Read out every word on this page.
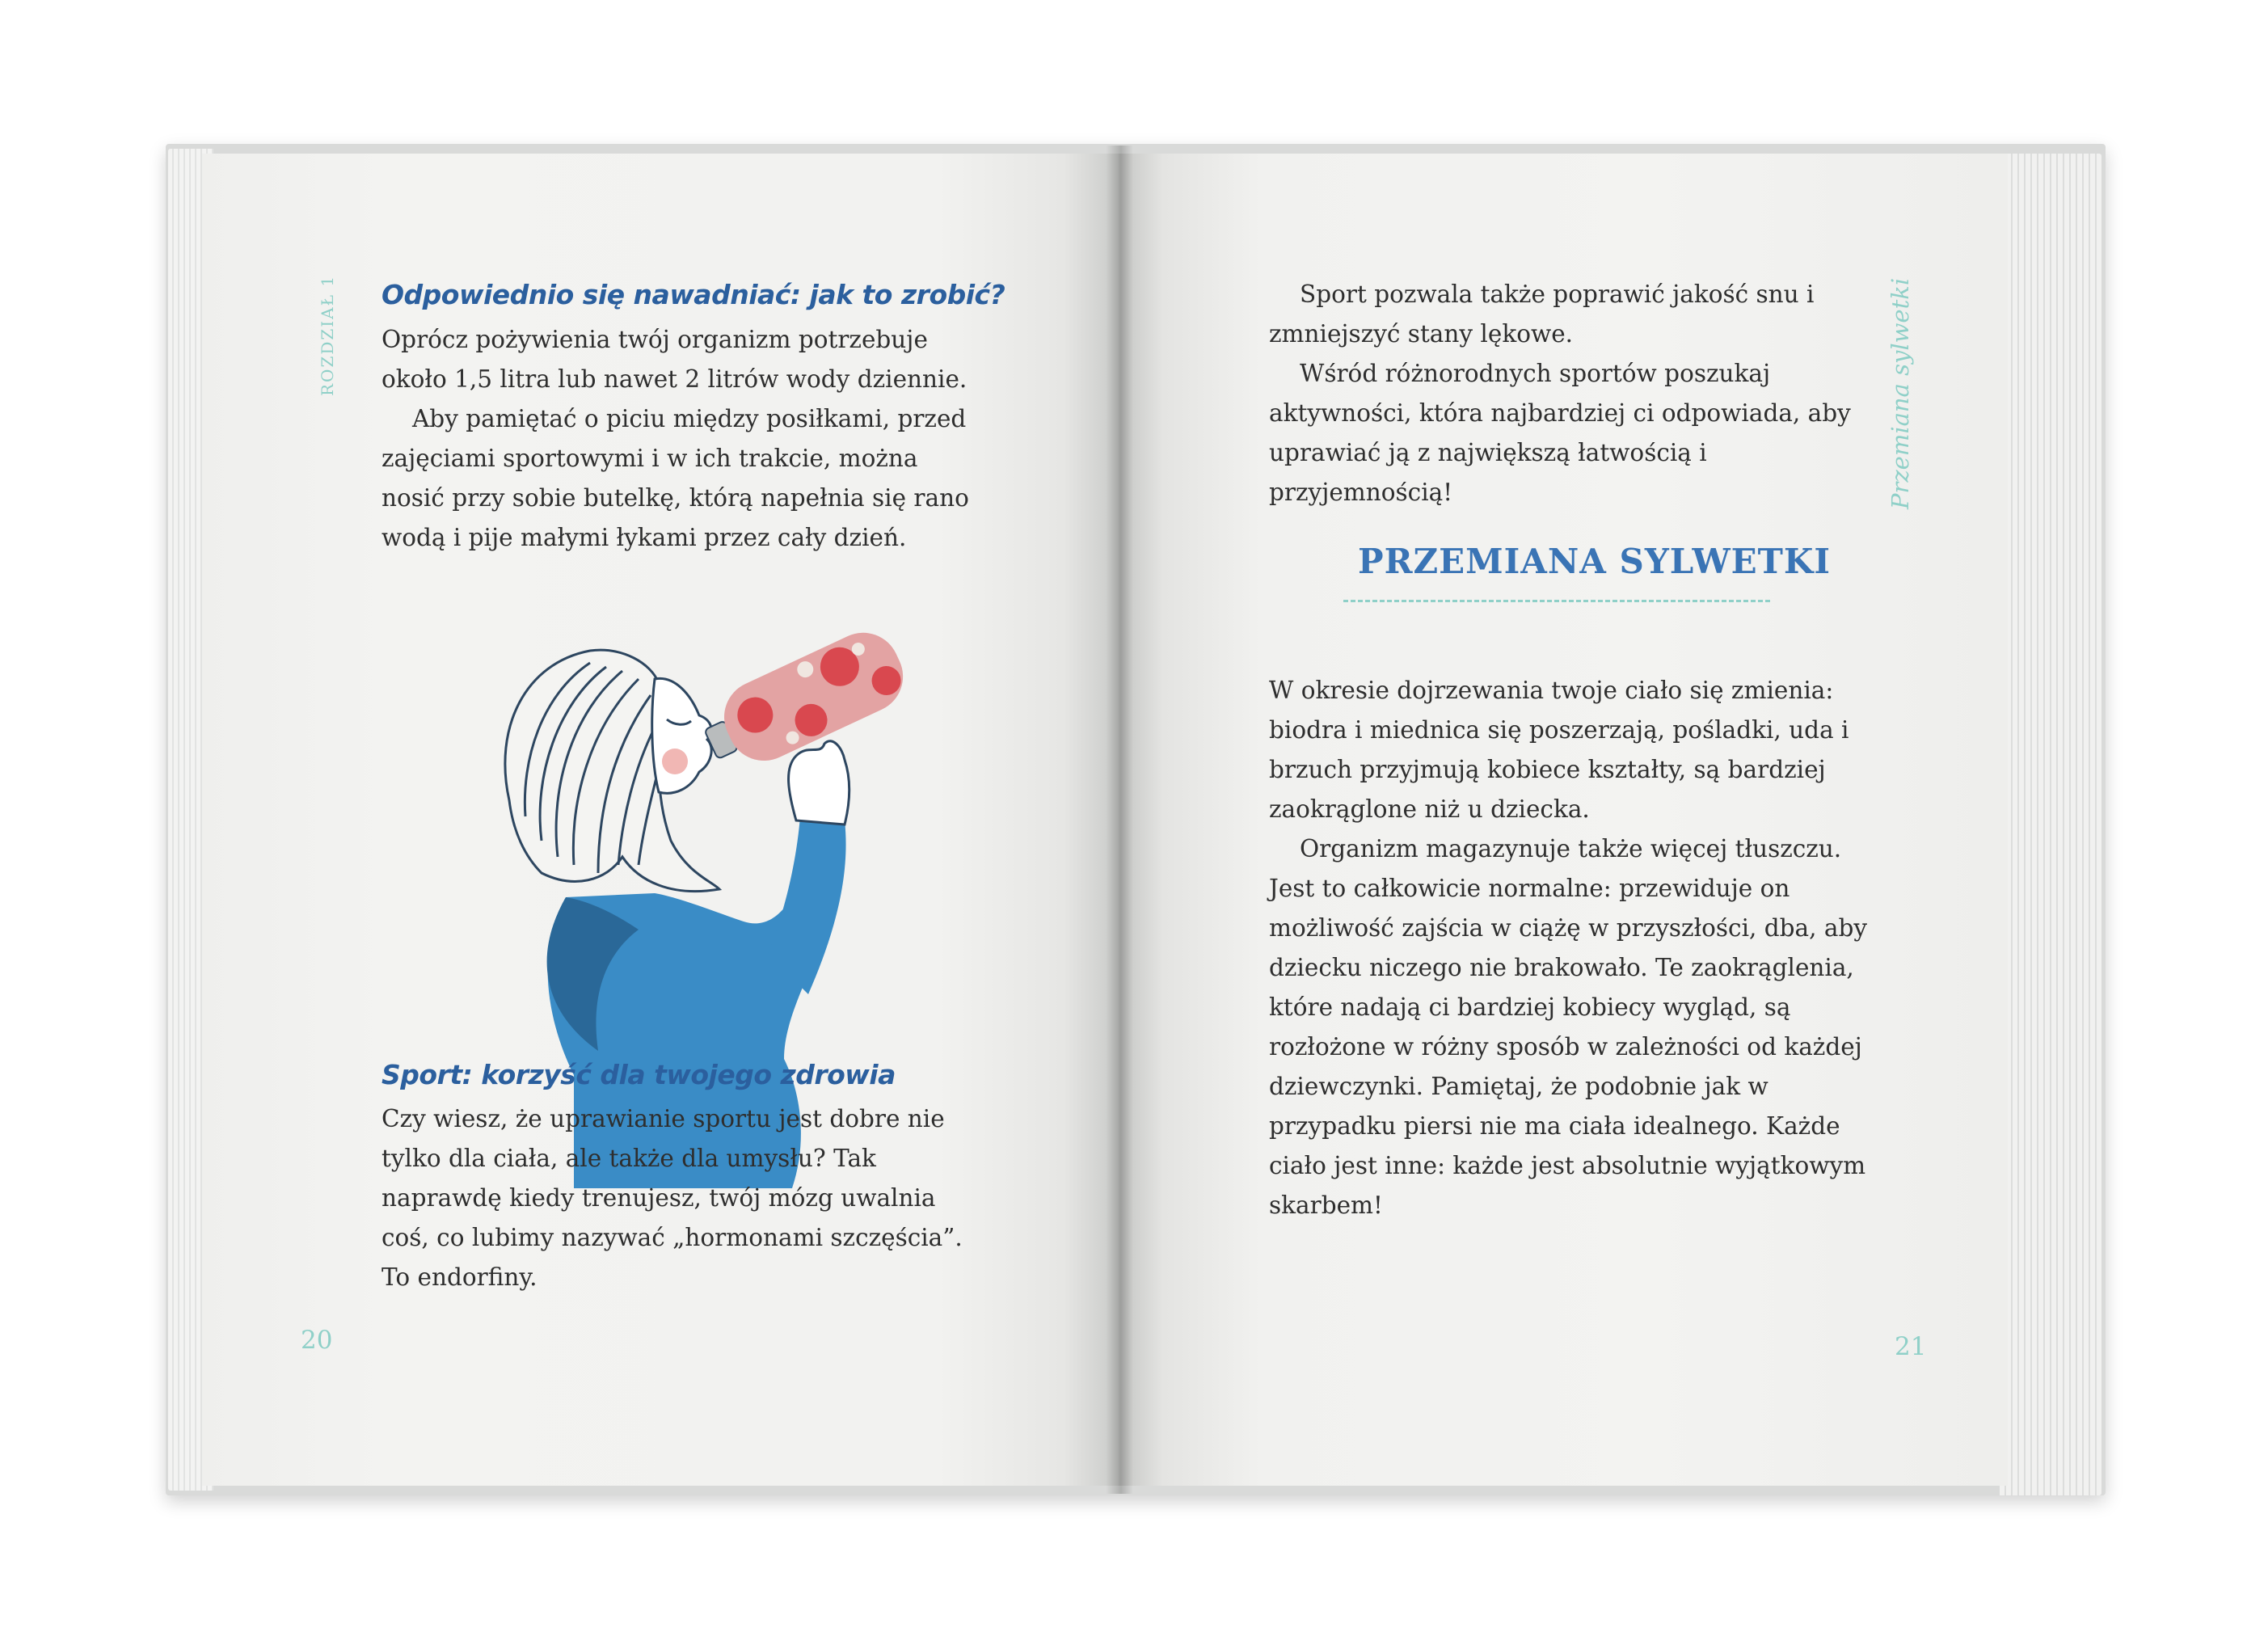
ROZDZIAŁ 1 Odpowiednio się nawadniać: jak to zrobić?

Oprócz pożywienia twój organizm potrzebuje około 1,5 litra lub nawet 2 litrów wody dziennie.

Aby pamiętać o piciu między posiłkami, przed zajęciami sportowymi i w ich trakcie, można nosić przy sobie butelkę, którą napełnia się rano wodą i pije małymi łykami przez cały dzień.

Sport: korzyść dla twojego zdrowia

Czy wiesz, że uprawianie sportu jest dobre nie tylko dla ciała, ale także dla umysłu? Tak naprawdę kiedy trenujesz, twój mózg uwalnia coś, co lubimy nazywać „hormonami szczęścia”. To endorfiny.

20

Sport pozwala także poprawić jakość snu i zmniejszyć stany lękowe.

Wśród różnorodnych sportów poszukaj aktywności, która najbardziej ci odpowiada, aby uprawiać ją z największą łatwością i przyjemnością!	Przemiana sylwetki
PRZEMIANA SYLWETKI

W okresie dojrzewania twoje ciało się zmienia: biodra i miednica się poszerzają, pośladki, uda i brzuch przyjmują kobiece kształty, są bardziej zaokrąglone niż u dziecka.

Organizm magazynuje także więcej tłuszczu. Jest to całkowicie normalne: przewiduje on możliwość zajścia w ciążę w przyszłości, dba, aby dziecku niczego nie brakowało. Te zaokrąglenia, które nadają ci bardziej kobiecy wygląd, są rozłożone w różny sposób w zależności od każdej dziewczynki. Pamiętaj, że podobnie jak w przypadku piersi nie ma ciała idealnego. Każde ciało jest inne: każde jest absolutnie wyjątkowym skarbem!

21
